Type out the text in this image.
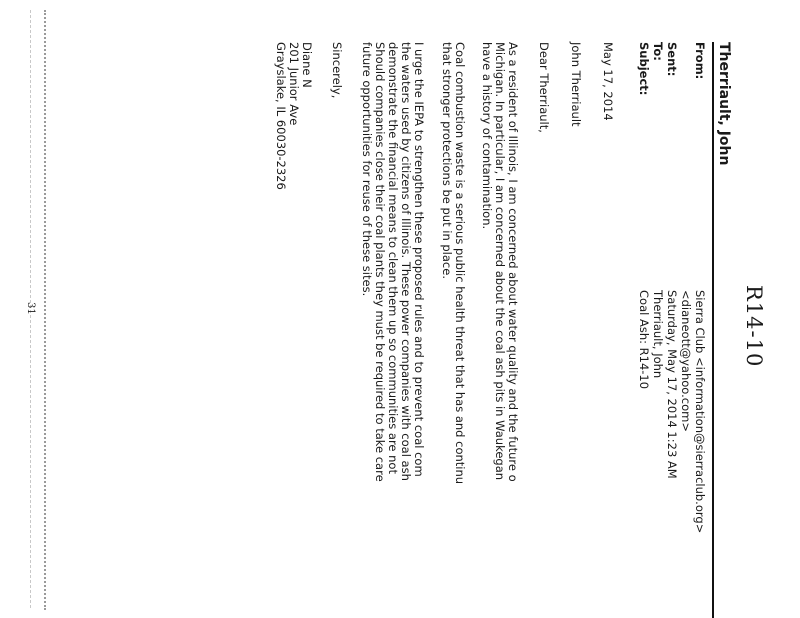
R14-10
Therriault, John
From:
Sierra Club <information@sierraclub.org>
<dianeott@yahoo.com>
Sent:
Saturday, May 17, 2014 1:23 AM
To:
Therriault, John
Subject:
Coal Ash: R14-10
May 17, 2014
John Therriault
Dear Therriault,
As a resident of Illinois, I am concerned about water quality and the future o
Michigan. In particular, I am concerned about the coal ash pits in Waukegan
have a history of contamination.
Coal combustion waste is a serious public health threat that has and continu
that stronger protections be put in place.
I urge the IEPA to strengthen these proposed rules and to prevent coal com
the waters used by citizens of Illinois. These power companies with coal ash
demonstrate the financial means to clean them up so communities are not
Should companies close their coal plants they must be required to take care
future opportunities for reuse of these sites.
Sincerely,
Diane N
201 Junior Ave
Grayslake, IL 60030-2326
31
